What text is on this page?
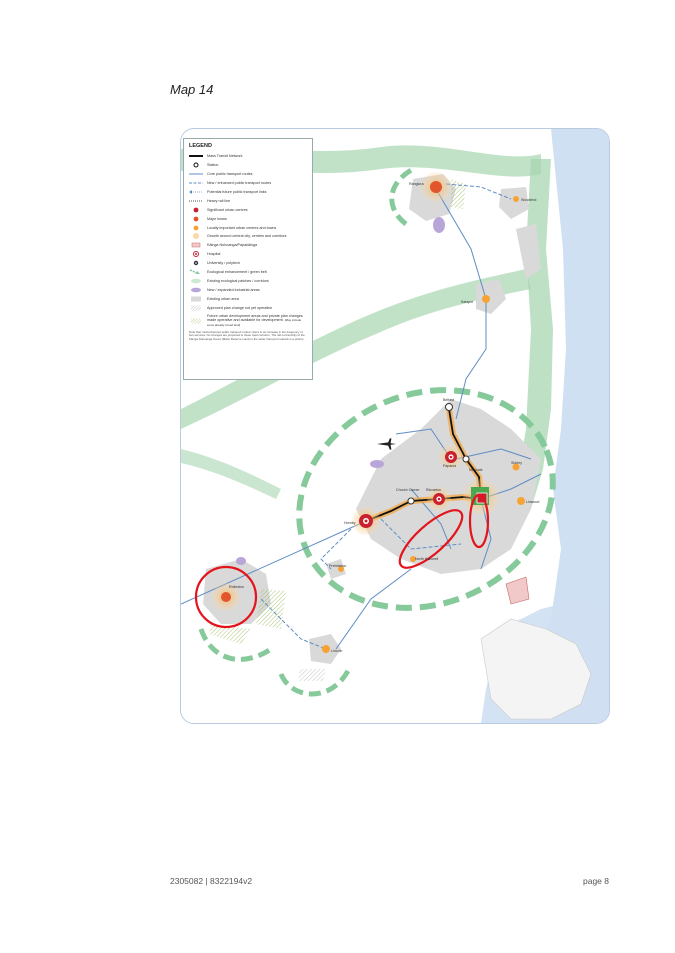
Map 14
Rangiora
Woodend
Kaiapoi
Belfast
Papanui
Shirley
Merivale
Church Corner Riccarton
Linwood
Hornby
North Halswell
Prebbleton
Rolleston
Lincoln
LEGEND
Mass Transit Network
Station
Core public transport routes
New / enhanced public transport routes
Potential future public transport links
Heavy rail line
Significant urban centres
Major towns
Locally important urban centres and towns
Growth around central city, centres and corridors
Kāinga Nohoanga/Papakāinga
Hospital
University / polytech
Ecological enhancement / green belt
Existing ecological patches / corridors
New / expanded industrial areas
Existing urban area
Approved plan change not yet operative
Future urban development areas and private plan changes made operative and available for development. (May include some already zoned land)
Note that 'new/enhanced public transport routes' refers to an increase in the frequency of bus services. No changes are proposed to these road corridors. The rail connectivity of the Kāinga Nohoanga Zones (Māori Reserve Land) to the wider transport network is a priority.
2305082 | 8322194v2	page 8
